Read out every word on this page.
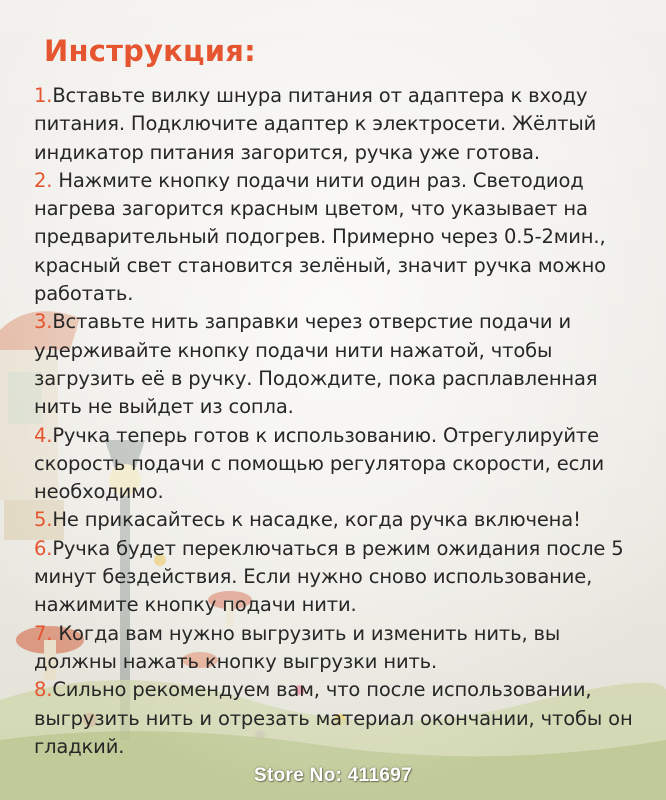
Инструкция:
1.Вставьте вилку шнура питания от адаптера к входу питания. Подключите адаптер к электросети. Жёлтый индикатор питания загорится, ручка уже готова.
2. Нажмите кнопку подачи нити один раз. Светодиод нагрева загорится красным цветом, что указывает на предварительный подогрев. Примерно через 0.5-2мин., красный свет становится зелёный, значит ручка можно работать.
3.Вставьте нить заправки через отверстие подачи и удерживайте кнопку подачи нити нажатой, чтобы загрузить её в ручку. Подождите, пока расплавленная нить не выйдет из сопла.
4.Ручка теперь готов к использованию. Отрегулируйте скорость подачи с помощью регулятора скорости, если необходимо.
5.Не прикасайтесь к насадке, когда ручка включена!
6.Ручка будет переключаться в режим ожидания после 5 минут бездействия. Если нужно сново использование, нажимите кнопку подачи нити.
7. Когда вам нужно выгрузить и изменить нить, вы должны нажать кнопку выгрузки нить.
8.Сильно рекомендуем вам, что после использовании, выгрузить нить и отрезать материал окончании, чтобы он гладкий.
Store No: 411697
